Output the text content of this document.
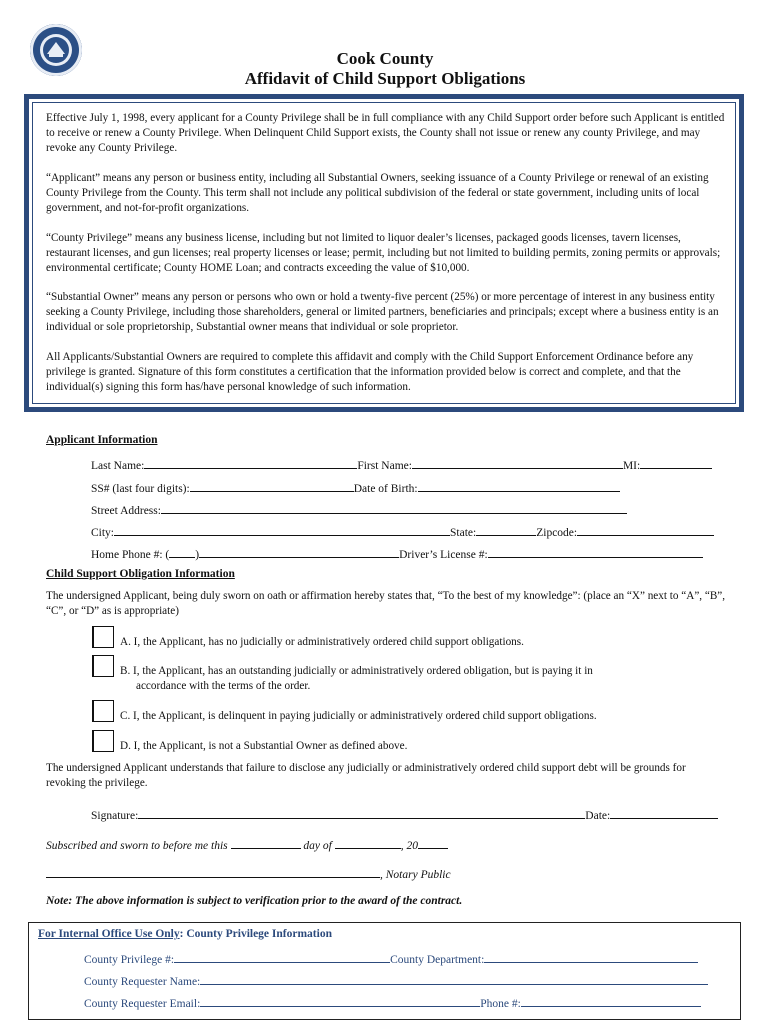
Cook County
Affidavit of Child Support Obligations

Effective July 1, 1998, every applicant for a County Privilege shall be in full compliance with any Child Support order before such Applicant is entitled to receive or renew a County Privilege. When Delinquent Child Support exists, the County shall not issue or renew any county Privilege, and may revoke any County Privilege.

“Applicant” means any person or business entity, including all Substantial Owners, seeking issuance of a County Privilege or renewal of an existing County Privilege from the County. This term shall not include any political subdivision of the federal or state government, including units of local government, and not-for-profit organizations.

“County Privilege” means any business license, including but not limited to liquor dealer’s licenses, packaged goods licenses, tavern licenses, restaurant licenses, and gun licenses; real property licenses or lease; permit, including but not limited to building permits, zoning permits or approvals; environmental certificate; County HOME Loan; and contracts exceeding the value of $10,000.

“Substantial Owner” means any person or persons who own or hold a twenty-five percent (25%) or more percentage of interest in any business entity seeking a County Privilege, including those shareholders, general or limited partners, beneficiaries and principals; except where a business entity is an individual or sole proprietorship, Substantial owner means that individual or sole proprietor.

All Applicants/Substantial Owners are required to complete this affidavit and comply with the Child Support Enforcement Ordinance before any privilege is granted. Signature of this form constitutes a certification that the information provided below is correct and complete, and that the individual(s) signing this form has/have personal knowledge of such information.

Applicant Information
Last Name:	First Name:	MI:
SS# (last four digits):	Date of Birth:
Street Address:
City:	State:	Zipcode:
Home Phone #: ( )	Driver’s License #:
Child Support Obligation Information

The undersigned Applicant, being duly sworn on oath or affirmation hereby states that, “To the best of my knowledge”: (place an “X” next to “A”, “B”, “C”, or “D” as is appropriate)

A. I, the Applicant, has no judicially or administratively ordered child support obligations.
B. I, the Applicant, has an outstanding judicially or administratively ordered obligation, but is paying it in
accordance with the terms of the order.
C. I, the Applicant, is delinquent in paying judicially or administratively ordered child support obligations.
D. I, the Applicant, is not a Substantial Owner as defined above.

The undersigned Applicant understands that failure to disclose any judicially or administratively ordered child support debt will be grounds for revoking the privilege.

Signature:	Date:
Subscribed and sworn to before me this	day of	, 20
, Notary Public
Note: The above information is subject to verification prior to the award of the contract.
For Internal Office Use Only: County Privilege Information
County Privilege #:	County Department:
County Requester Name:
County Requester Email:	Phone #:
